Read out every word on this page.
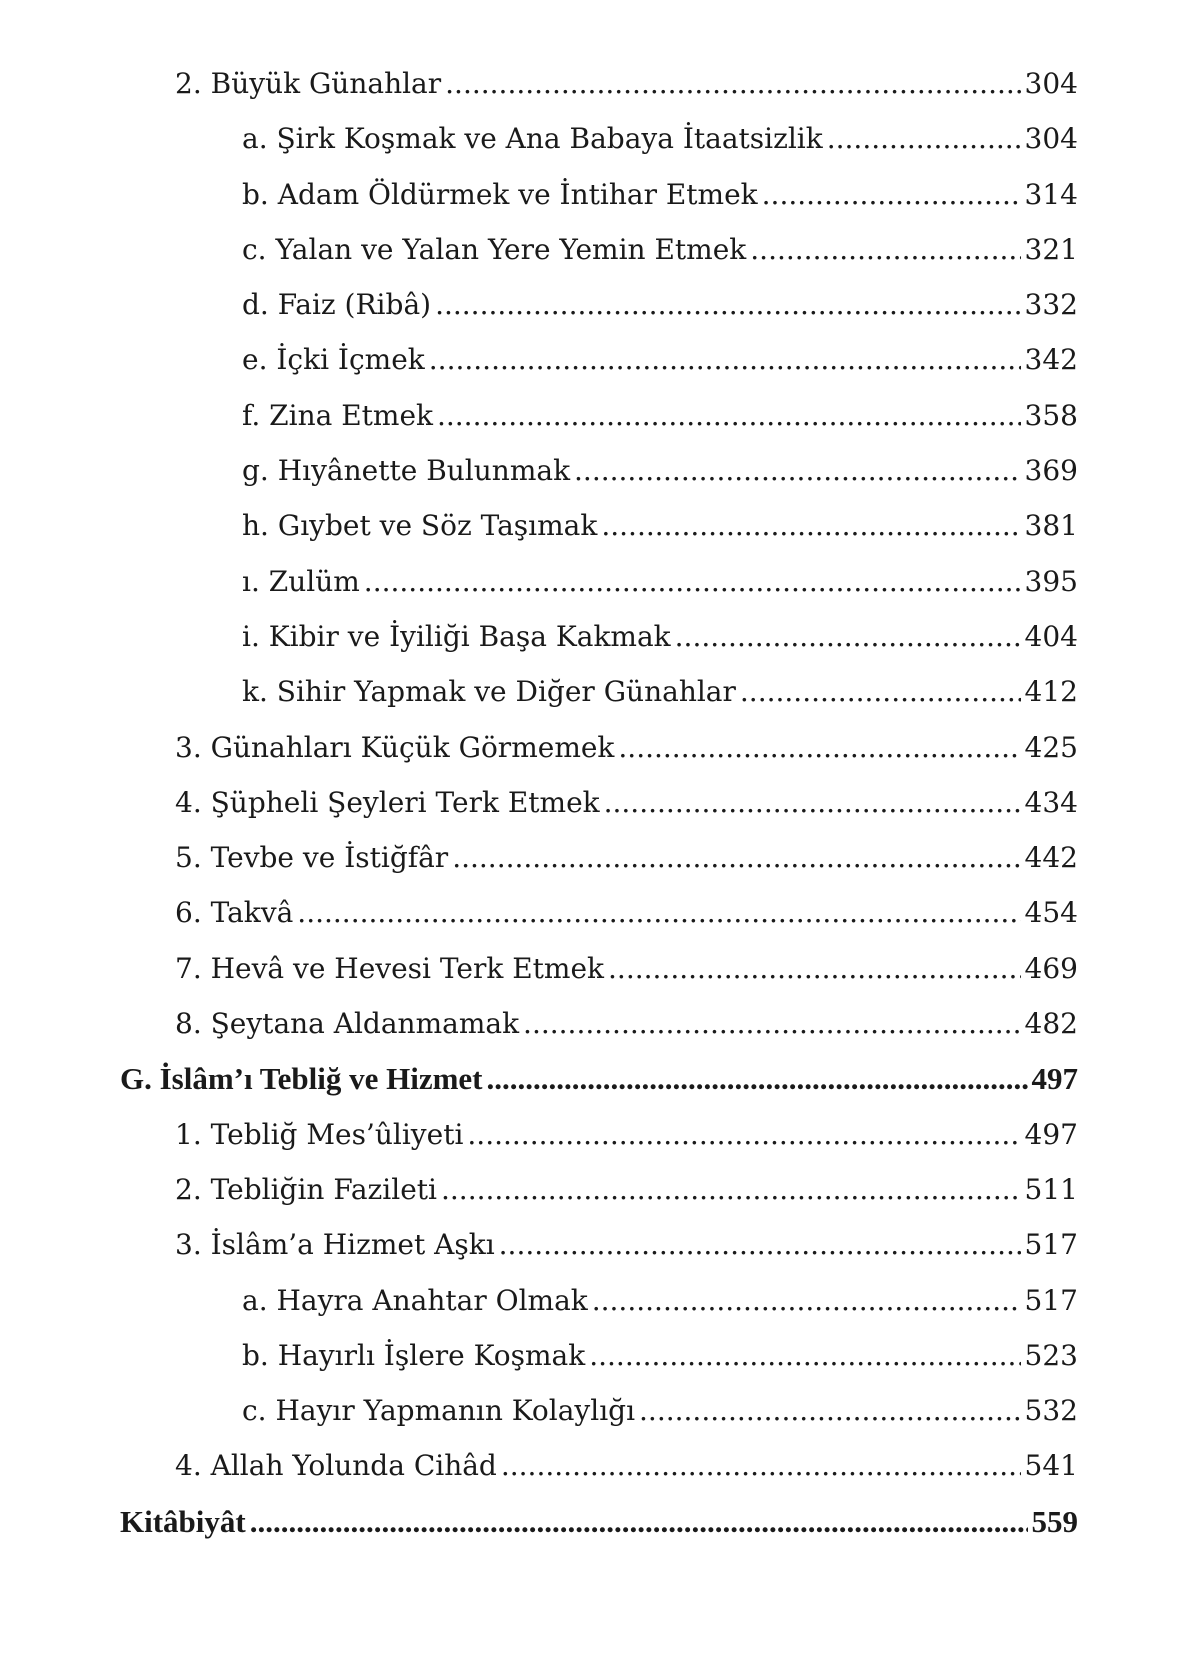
2. Büyük Günahlar .....	304
a. Şirk Koşmak ve Ana Babaya İtaatsizlik .....	304
b. Adam Öldürmek ve İntihar Etmek .....	314
c. Yalan ve Yalan Yere Yemin Etmek .....	321
d. Faiz (Ribâ) .....	332
e. İçki İçmek .....	342
f. Zina Etmek .....	358
g. Hıyânette Bulunmak .....	369
h. Gıybet ve Söz Taşımak .....	381
ı. Zulüm .....	395
i. Kibir ve İyiliği Başa Kakmak .....	404
k. Sihir Yapmak ve Diğer Günahlar .....	412
3. Günahları Küçük Görmemek .....	425
4. Şüpheli Şeyleri Terk Etmek .....	434
5. Tevbe ve İstiğfâr .....	442
6. Takvâ .....	454
7. Hevâ ve Hevesi Terk Etmek .....	469
8. Şeytana Aldanmamak .....	482
G. İslâm’ı Tebliğ ve Hizmet .....	497
1. Tebliğ Mes’ûliyeti .....	497
2. Tebliğin Fazileti .....	511
3. İslâm’a Hizmet Aşkı .....	517
a. Hayra Anahtar Olmak .....	517
b. Hayırlı İşlere Koşmak .....	523
c. Hayır Yapmanın Kolaylığı .....	532
4. Allah Yolunda Cihâd .....	541
Kitâbiyât .....	559
